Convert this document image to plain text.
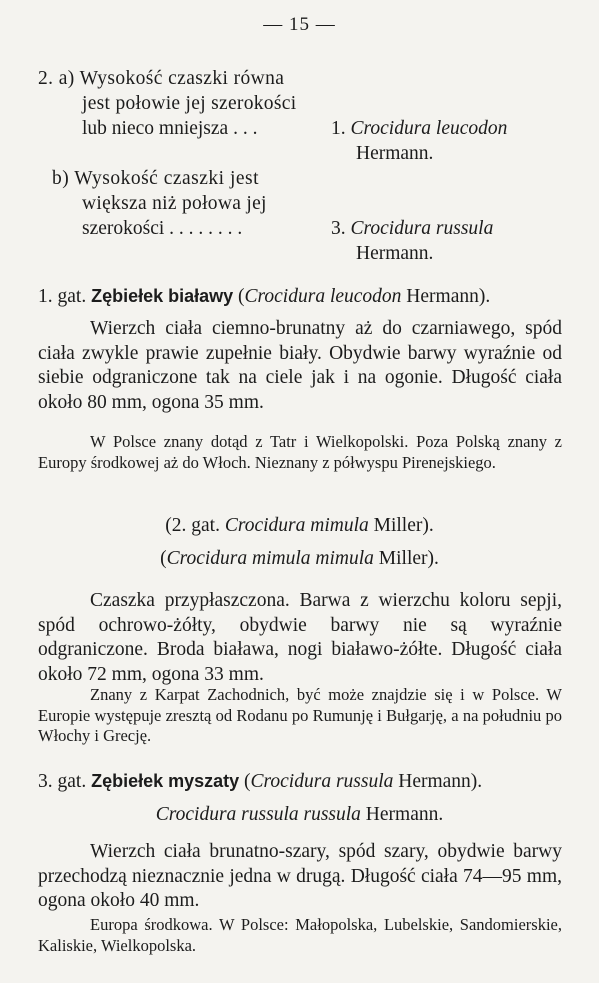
— 15 —
2. a) Wysokość czaszki równa
jest połowie jej szerokości
lub nieco mniejsza . . .	1. Crocidura leucodon
Hermann.
b) Wysokość czaszki jest
większa niż połowa jej
szerokości . . . . . . . .	3. Crocidura russula
Hermann.
1. gat. Zębiełek białawy (Crocidura leucodon Hermann).
Wierzch ciała ciemno-brunatny aż do czarniawego, spód ciała zwykle prawie zupełnie biały. Obydwie barwy wyraźnie od siebie odgraniczone tak na ciele jak i na ogonie. Długość ciała około 80 mm, ogona 35 mm.
W Polsce znany dotąd z Tatr i Wielkopolski. Poza Polską znany z Europy środkowej aż do Włoch. Nieznany z półwyspu Pirenejskiego.
(2. gat. Crocidura mimula Miller).
(Crocidura mimula mimula Miller).
Czaszka przypłaszczona. Barwa z wierzchu koloru sepji, spód ochrowo-żółty, obydwie barwy nie są wyraźnie odgraniczone. Broda biaława, nogi białawo-żółte. Długość ciała około 72 mm, ogona 33 mm.
Znany z Karpat Zachodnich, być może znajdzie się i w Polsce. W Europie występuje zresztą od Rodanu po Rumunję i Bułgarję, a na południu po Włochy i Grecję.
3. gat. Zębiełek myszaty (Crocidura russula Hermann).
Crocidura russula russula Hermann.
Wierzch ciała brunatno-szary, spód szary, obydwie barwy przechodzą nieznacznie jedna w drugą. Długość ciała 74—95 mm, ogona około 40 mm.
Europa środkowa. W Polsce: Małopolska, Lubelskie, Sandomierskie, Kaliskie, Wielkopolska.
